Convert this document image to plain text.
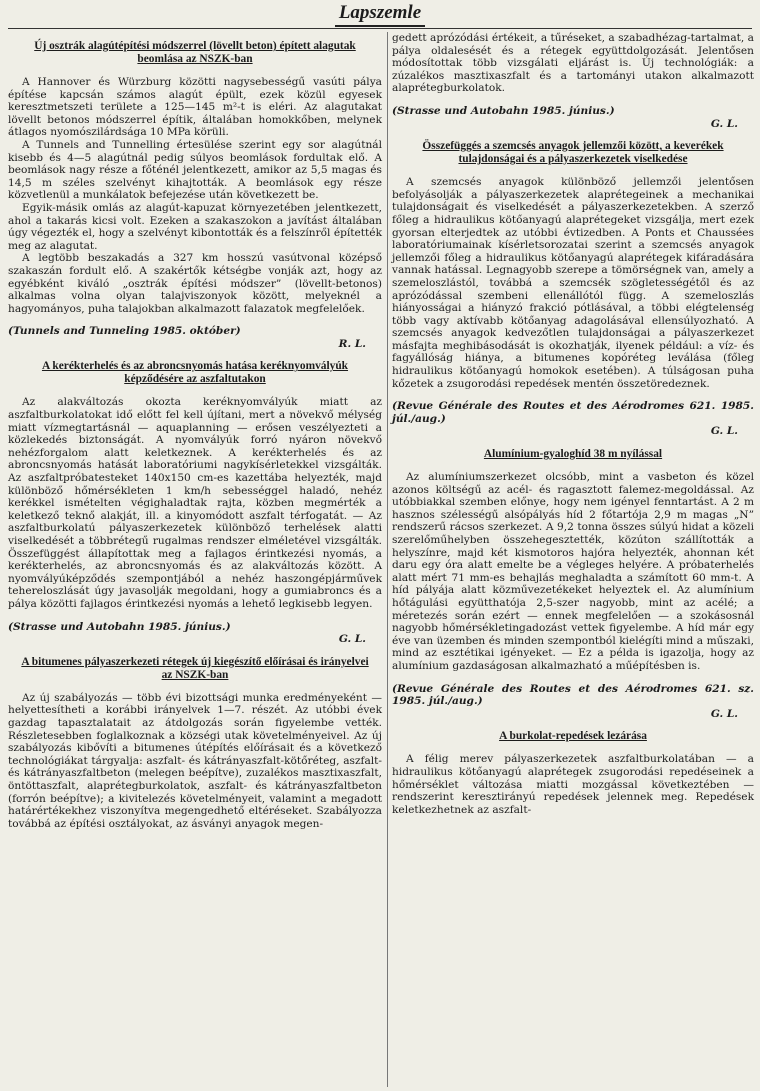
Lapszemle
Új osztrák alagútépítési módszerrel (lövellt beton) épített alagutak beomlása az NSZK-ban

A Hannover és Würzburg közötti nagysebességű vasúti pálya építése kapcsán számos alagút épült, ezek közül egyesek keresztmetszeti területe a 125—145 m²-t is eléri. Az alagutakat lövellt betonos módszerrel építik, általában homokkőben, melynek átlagos nyomószilárdsága 10 MPa körüli.

A Tunnels and Tunnelling értesülése szerint egy sor alagútnál kisebb és 4—5 alagútnál pedig súlyos beomlások fordultak elő. A beomlások nagy része a főténél jelentkezett, amikor az 5,5 magas és 14,5 m széles szelvényt kihajtották. A beomlások egy része közvetlenül a munkálatok befejezése után következett be.

Egyik-másik omlás az alagút-kapuzat környezetében jelentkezett, ahol a takarás kicsi volt. Ezeken a szakaszokon a javítást általában úgy végezték el, hogy a szelvényt kibontották és a felszínről építették meg az alagutat.

A legtöbb beszakadás a 327 km hosszú vasútvonal középső szakaszán fordult elő. A szakértők kétségbe vonják azt, hogy az egyébként kiváló „osztrák építési módszer” (lövellt-betonos) alkalmas volna olyan talajviszonyok között, melyeknél a hagyományos, puha talajokban alkalmazott falazatok megfelelőek.

(Tunnels and Tunneling 1985. október)

R. L.
A kerékterhelés és az abroncsnyomás hatása keréknyomvályúk képződésére az aszfaltutakon

Az alakváltozás okozta keréknyomvályúk miatt az aszfaltburkolatokat idő előtt fel kell újítani, mert a növekvő mélység miatt vízmegtartásnál — aquaplanning — erősen veszélyezteti a közlekedés biztonságát. A nyomvályúk forró nyáron növekvő nehézforgalom alatt keletkeznek. A kerékterhelés és az abroncsnyomás hatását laboratóriumi nagykísérletekkel vizsgálták. Az aszfaltpróbatesteket 140x150 cm-es kazettába helyezték, majd különböző hőmérsékleten 1 km/h sebességgel haladó, nehéz kerékkel ismételten végighaladtak rajta, közben megmérték a keletkező teknő alakját, ill. a kinyomódott aszfalt térfogatát. — Az aszfaltburkolatú pályaszerkezetek különböző terhelések alatti viselkedését a többrétegű rugalmas rendszer elméletével vizsgálták. Összefüggést állapítottak meg a fajlagos érintkezési nyomás, a kerékterhelés, az abroncsnyomás és az alakváltozás között. A nyomvályúképződés szempontjából a nehéz haszongépjárművek tehereloszlását úgy javasolják megoldani, hogy a gumiabroncs és a pálya közötti fajlagos érintkezési nyomás a lehető legkisebb legyen.

(Strasse und Autobahn 1985. június.)

G. L.
A bitumenes pályaszerkezeti rétegek új kiegészítő előírásai és irányelvei az NSZK-ban

Az új szabályozás — több évi bizottsági munka eredményeként — helyettesítheti a korábbi irányelvek 1—7. részét. Az utóbbi évek gazdag tapasztalatait az átdolgozás során figyelembe vették. Részletesebben foglalkoznak a községi utak követelményeivel. Az új szabályozás kibővíti a bitumenes útépítés előírásait és a következő technológiákat tárgyalja: aszfalt- és kátrányaszfalt-kötőréteg, aszfalt- és kátrányaszfaltbeton (melegen beépítve), zuzalékos masztixaszfalt, öntöttaszfalt, alaprétegburkolatok, aszfalt- és kátrányaszfaltbeton (forrón beépítve); a kivitelezés követelményeit, valamint a megadott határértékekhez viszonyítva megengedhető eltéréseket. Szabályozza továbbá az építési osztályokat, az ásványi anyagok megen-

gedett aprózódási értékeit, a tűréseket, a szabadhézag-tartalmat, a pálya oldalesését és a rétegek együttdolgozását. Jelentősen módosítottak több vizsgálati eljárást is. Új technológiák: a zúzalékos masztixaszfalt és a tartományi utakon alkalmazott alaprétegburkolatok.

(Strasse und Autobahn 1985. június.)

G. L.
Összefüggés a szemcsés anyagok jellemzői között, a keverékek tulajdonságai és a pályaszerkezetek viselkedése

A szemcsés anyagok különböző jellemzői jelentősen befolyásolják a pályaszerkezetek alaprétegeinek a mechanikai tulajdonságait és viselkedését a pályaszerkezetekben. A szerző főleg a hidraulikus kötőanyagú alaprétegeket vizsgálja, mert ezek gyorsan elterjedtek az utóbbi évtizedben. A Ponts et Chaussées laboratóriumainak kísérletsorozatai szerint a szemcsés anyagok jellemzői főleg a hidraulikus kötőanyagú alaprétegek kifáradására vannak hatással. Legnagyobb szerepe a tömörségnek van, amely a szemeloszlástól, továbbá a szemcsék szögletességétől és az aprózódással szembeni ellenállótól függ. A szemeloszlás hiányosságai a hiányzó frakció pótlásával, a többi elégtelenség több vagy aktívabb kötőanyag adagolásával ellensúlyozható. A szemcsés anyagok kedvezőtlen tulajdonságai a pályaszerkezet másfajta meghibásodását is okozhatják, ilyenek például: a víz- és fagyállóság hiánya, a bitumenes kopóréteg leválása (főleg hidraulikus kötőanyagú homokok esetében). A túlságosan puha kőzetek a zsugorodási repedések mentén összetöredeznek.

(Revue Générale des Routes et des Aérodromes 621. 1985. júl./aug.)

G. L.
Alumínium-gyaloghíd 38 m nyílással

Az alumíniumszerkezet olcsóbb, mint a vasbeton és közel azonos költségű az acél- és ragasztott falemez-megoldással. Az utóbbiakkal szemben előnye, hogy nem igényel fenntartást. A 2 m hasznos szélességű alsópályás híd 2 főtartója 2,9 m magas „N” rendszerű rácsos szerkezet. A 9,2 tonna összes súlyú hidat a közeli szerelőműhelyben összehegesztették, közúton szállították a helyszínre, majd két kismotoros hajóra helyezték, ahonnan két daru egy óra alatt emelte be a végleges helyére. A próbaterhelés alatt mért 71 mm-es behajlás meghaladta a számított 60 mm-t. A híd pályája alatt közművezetékeket helyeztek el. Az alumínium hőtágulási együtthatója 2,5-szer nagyobb, mint az acélé; a méretezés során ezért — ennek megfelelően — a szokásosnál nagyobb hőmérsékletingadozást vettek figyelembe. A híd már egy éve van üzemben és minden szempontból kielégíti mind a műszaki, mind az esztétikai igényeket. — Ez a példa is igazolja, hogy az alumínium gazdaságosan alkalmazható a műépítésben is.

(Revue Générale des Routes et des Aérodromes 621. sz. 1985. júl./aug.)

G. L.
A burkolat-repedések lezárása

A félig merev pályaszerkezetek aszfaltburkolatában — a hidraulikus kötőanyagú alaprétegek zsugorodási repedéseinek a hőmérséklet változása miatti mozgással következtében — rendszerint keresztirányú repedések jelennek meg. Repedések keletkezhetnek az aszfalt-
